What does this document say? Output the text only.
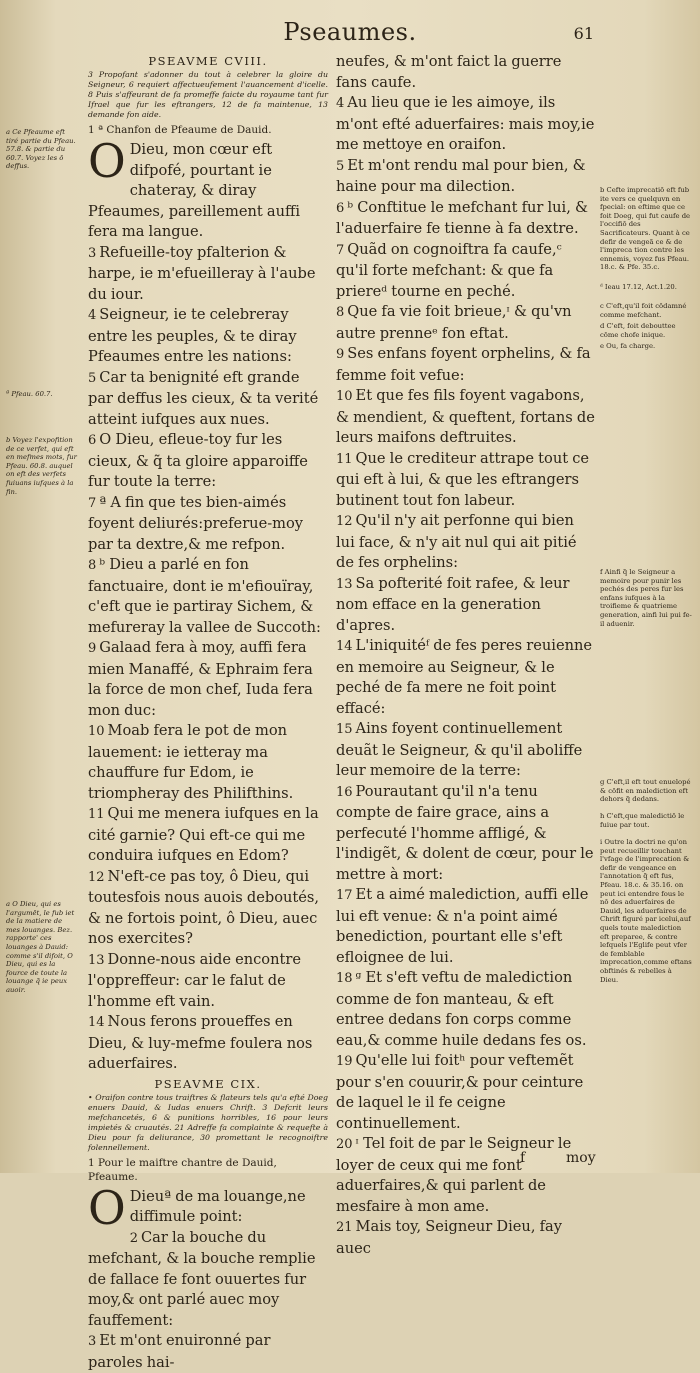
Pseaumes.	61
a Ce Pfeaume eft tiré partie du Pfeau. 57.8. & partie du 60.7. Voyez les ō deffus.
ª Pfeau. 60.7.
b Voyez l'expofition de ce verfet, qui eft en mefmes mots, fur Pfeau. 60.8. auquel on eft des verfets fuiuans iufques à la fin.
a O Dieu, qui es l'argumēt, le fub iet de la matiere de mes louanges. Bez. rapporte' ces louanges à Dauid: comme s'il difoit, O Dieu, qui es la fource de toute la louange q̃ ie peux auoir.
PSEAVME CVIII.
3 Propofant s'adonner du tout à celebrer la gloire du Seigneur, 6 requiert affectueufement l'auancement d'icelle. 8 Puis s'affeurant de fa promeffe faicte du royaume tant fur Ifrael que fur les eftrangers, 12 de fa maintenue, 13 demande fon aide.
1 ª Chanfon de Pfeaume de Dauid.
O Dieu, mon cœur eft difpofé, pourtant ie chateray, & diray Pfeaumes, pareillement auffi fera ma langue.
3 Refueille-toy pfalterion & harpe, ie m'efueilleray à l'aube du iour.
4 Seigneur, ie te celebreray entre les peuples, & te diray Pfeaumes entre les nations:
5 Car ta benignité eft grande par deffus les cieux, & ta verité atteint iufques aux nues.
6 O Dieu, efleue-toy fur les cieux, & q̃ ta gloire apparoiffe fur toute la terre:
7 ª A fin que tes bien-aimés foyent deliurés:preferue-moy par ta dextre,& me refpon.
8 ᵇ Dieu a parlé en fon fanctuaire, dont ie m'efiouïray, c'eft que ie partiray Sichem, & mefureray la vallee de Succoth:
9 Galaad fera à moy, auffi fera mien Manaffé, & Ephraim fera la force de mon chef, Iuda fera mon duc:
10 Moab fera le pot de mon lauement: ie ietteray ma chauffure fur Edom, ie triompheray des Philifthins.
11 Qui me menera iufques en la cité garnie? Qui eft-ce qui me conduira iufques en Edom?
12 N'eft-ce pas toy, ô Dieu, qui toutesfois nous auois deboutés, & ne fortois point, ô Dieu, auec nos exercites?
13 Donne-nous aide encontre l'oppreffeur: car le falut de l'homme eft vain.
14 Nous ferons proueffes en Dieu, & luy-mefme foulera nos aduerfaires.
PSEAVME CIX.
• Oraifon contre tous traiftres & flateurs tels qu'a efté Doeg enuers Dauid, & Iudas enuers Chrift. 3 Defcrit leurs mefchancetés, 6 & punitions horribles, 16 pour leurs impietés & cruautés. 21 Adreffe fa complainte & requefte à Dieu pour fa deliurance, 30 promettant le recognoiftre folennellement.
1 Pour le maiftre chantre de Dauid, Pfeaume.
O Dieuª de ma louange,ne diffimule point:
2 Car la bouche du mefchant, & la bouche remplie de fallace fe font ouuertes fur moy,& ont parlé auec moy fauffement:
3 Et m'ont enuironné par paroles hai-
neufes, & m'ont faict la guerre fans caufe.
4 Au lieu que ie les aimoye, ils m'ont efté aduerfaires: mais moy,ie me mettoye en oraifon.
5 Et m'ont rendu mal pour bien, & haine pour ma dilection.
6 ᵇ Conftitue le mefchant fur lui, & l'aduerfaire fe tienne à fa dextre.
7 Quãd on cognoiftra fa caufe,ᶜ qu'il forte mefchant: & que fa priereᵈ tourne en peché.
8 Que fa vie foit brieue,ᶦ & qu'vn autre prenneᵉ fon eftat.
9 Ses enfans foyent orphelins, & fa femme foit vefue:
10 Et que fes fils foyent vagabons, & mendient, & queftent, fortans de leurs maifons deftruites.
11 Que le crediteur attrape tout ce qui eft à lui, & que les eftrangers butinent tout fon labeur.
12 Qu'il n'y ait perfonne qui bien lui face, & n'y ait nul qui ait pitié de fes orphelins:
13 Sa pofterité foit rafee, & leur nom efface en la generation d'apres.
14 L'iniquitéᶠ de fes peres reuienne en memoire au Seigneur, & le peché de fa mere ne foit point effacé:
15 Ains foyent continuellement deuãt le Seigneur, & qu'il aboliffe leur memoire de la terre:
16 Pourautant qu'il n'a tenu compte de faire grace, ains a perfecuté l'homme affligé, & l'indigẽt, & dolent de cœur, pour le mettre à mort:
17 Et a aimé malediction, auffi elle lui eft venue: & n'a point aimé benediction, pourtant elle s'eft efloignee de lui.
18 ᵍ Et s'eft veftu de malediction comme de fon manteau, & eft entree dedans fon corps comme eau,& comme huile dedans fes os.
19 Qu'elle lui foitʰ pour veftemẽt pour s'en couurir,& pour ceinture de laquel le il fe ceigne continuellement.
20 ᶦ Tel foit de par le Seigneur le loyer de ceux qui me font aduerfaires,& qui parlent de mesfaire à mon ame.
21 Mais toy, Seigneur Dieu, fay auec
b Cefte imprecatiō eft fub ite vers ce quelquvn en fpecial: on eftime que ce foit Doeg, qui fut caufe de l'occifiō des Sacrificateurs. Quant à ce defir de vengeã ce & de l'impreca tion contre les ennemis, voyez fus Pfeau. 18.c. & Pfe. 35.c.
ᵈ Ieau 17.12, Act.1.20.
c C'eft,qu'il foit cōdamné comme mefchant.
d C'eft, foit debouttee cōme chofe inique.
e Ou, fa charge.
f Ainfi q̃ le Seigneur a memoire pour punir les pechés des peres fur les enfans iufques à la troifieme & quatrieme generation, ainfi lui pui fe-il aduenir.
g C'eft,il eft tout enuelopé & cōfit en malediction eft dehors q̃ dedans.
h C'eft,que maledictiō le fuiue par tout.
i Outre la doctri ne qu'on peut recueillir touchant l'vfage de l'imprecation & defir de vengeance en l'annotation q̃ eft fus, Pfeau. 18.c. & 35.16. on peut ici entendre fous le nō des aduerfaires de Dauid, les aduerfaires de Chrift figuré par icelui,auf quels toute malediction eft preparee, & contre lefquels l'Eglife peut vfer de femblable imprecation,comme eftans obftinés & rebelles à Dieu.
f	moy
